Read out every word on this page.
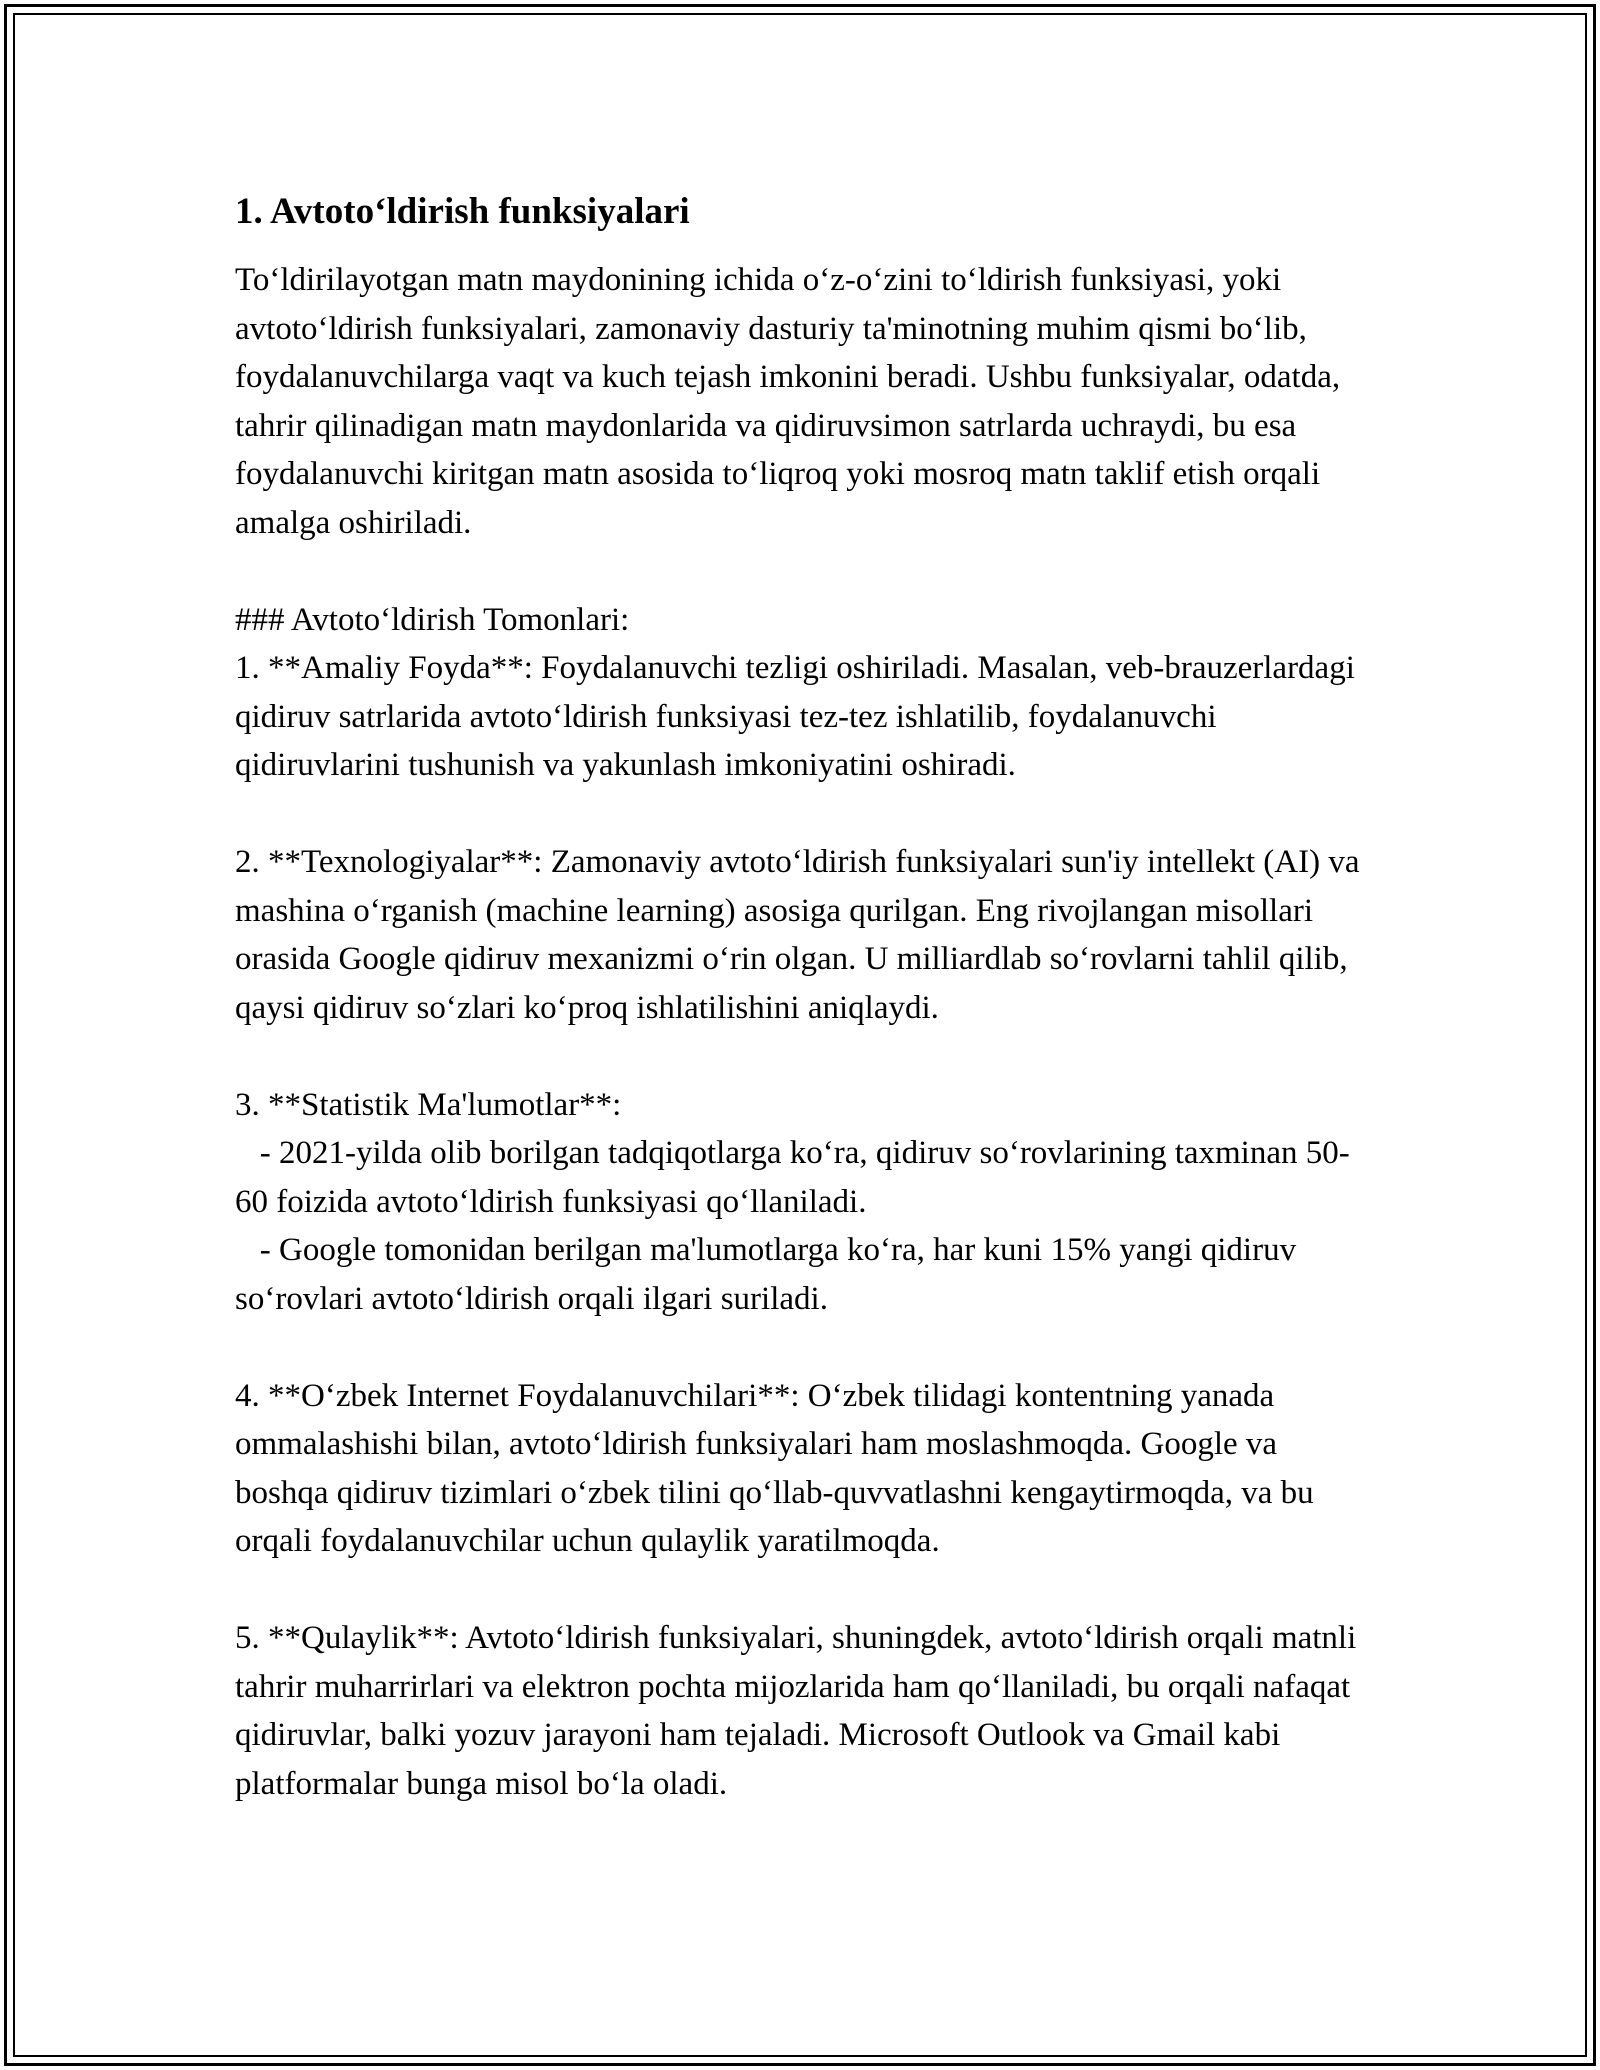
1. Avtoto‘ldirish funksiyalari

To‘ldirilayotgan matn maydonining ichida o‘z-o‘zini to‘ldirish funksiyasi, yoki avtoto‘ldirish funksiyalari, zamonaviy dasturiy ta'minotning muhim qismi bo‘lib, foydalanuvchilarga vaqt va kuch tejash imkonini beradi. Ushbu funksiyalar, odatda, tahrir qilinadigan matn maydonlarida va qidiruvsimon satrlarda uchraydi, bu esa foydalanuvchi kiritgan matn asosida to‘liqroq yoki mosroq matn taklif etish orqali amalga oshiriladi.

### Avtoto‘ldirish Tomonlari:

1. **Amaliy Foyda**: Foydalanuvchi tezligi oshiriladi. Masalan, veb-brauzerlardagi qidiruv satrlarida avtoto‘ldirish funksiyasi tez-tez ishlatilib, foydalanuvchi qidiruvlarini tushunish va yakunlash imkoniyatini oshiradi.

2. **Texnologiyalar**: Zamonaviy avtoto‘ldirish funksiyalari sun'iy intellekt (AI) va mashina o‘rganish (machine learning) asosiga qurilgan. Eng rivojlangan misollari orasida Google qidiruv mexanizmi o‘rin olgan. U milliardlab so‘rovlarni tahlil qilib, qaysi qidiruv so‘zlari ko‘proq ishlatilishini aniqlaydi.

3. **Statistik Ma'lumotlar**:

- 2021-yilda olib borilgan tadqiqotlarga ko‘ra, qidiruv so‘rovlarining taxminan 50-60 foizida avtoto‘ldirish funksiyasi qo‘llaniladi.

- Google tomonidan berilgan ma'lumotlarga ko‘ra, har kuni 15% yangi qidiruv so‘rovlari avtoto‘ldirish orqali ilgari suriladi.

4. **O‘zbek Internet Foydalanuvchilari**: O‘zbek tilidagi kontentning yanada ommalashishi bilan, avtoto‘ldirish funksiyalari ham moslashmoqda. Google va boshqa qidiruv tizimlari o‘zbek tilini qo‘llab-quvvatlashni kengaytirmoqda, va bu orqali foydalanuvchilar uchun qulaylik yaratilmoqda.

5. **Qulaylik**: Avtoto‘ldirish funksiyalari, shuningdek, avtoto‘ldirish orqali matnli tahrir muharrirlari va elektron pochta mijozlarida ham qo‘llaniladi, bu orqali nafaqat qidiruvlar, balki yozuv jarayoni ham tejaladi. Microsoft Outlook va Gmail kabi platformalar bunga misol bo‘la oladi.
